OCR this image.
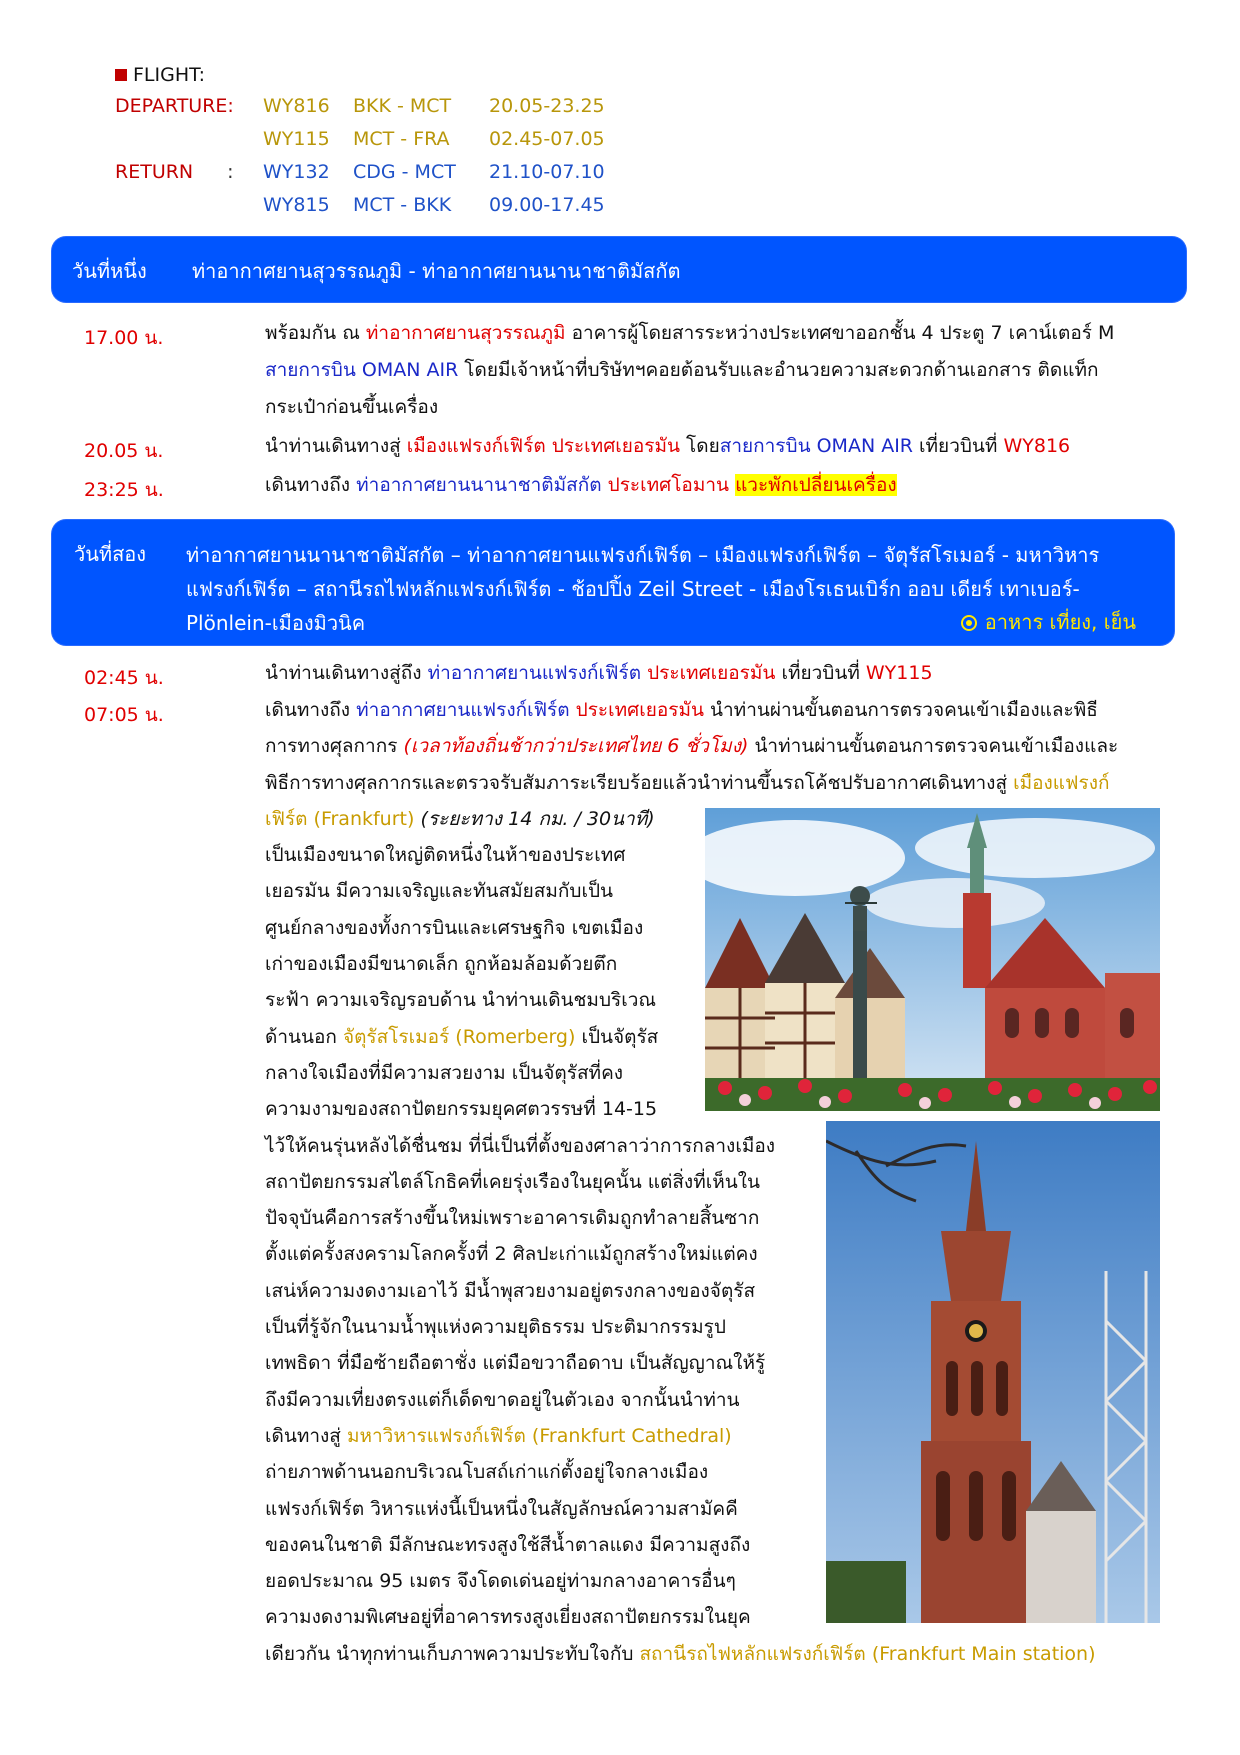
FLIGHT:
DEPARTURE: WY816 BKK - MCT 20.05-23.25
WY115 MCT - FRA 02.45-07.05
RETURN : WY132 CDG - MCT 21.10-07.10
WY815 MCT - BKK 09.00-17.45
วันที่หนึ่ง ท่าอากาศยานสุวรรณภูมิ - ท่าอากาศยานนานาชาติมัสกัต
17.00 น.	พร้อมกัน ณ ท่าอากาศยานสุวรรณภูมิ อาคารผู้โดยสารระหว่างประเทศขาออกชั้น 4 ประตู 7 เคาน์เตอร์ M
สายการบิน OMAN AIR โดยมีเจ้าหน้าที่บริษัทฯคอยต้อนรับและอำนวยความสะดวกด้านเอกสาร ติดแท็ก
กระเป๋าก่อนขึ้นเครื่อง
20.05 น.	นำท่านเดินทางสู่ เมืองแฟรงก์เฟิร์ต ประเทศเยอรมัน โดยสายการบิน OMAN AIR เที่ยวบินที่ WY816
23:25 น.	เดินทางถึง ท่าอากาศยานนานาชาติมัสกัต ประเทศโอมาน แวะพักเปลี่ยนเครื่อง
วันที่สอง ท่าอากาศยานนานาชาติมัสกัต – ท่าอากาศยานแฟรงก์เฟิร์ต – เมืองแฟรงก์เฟิร์ต – จัตุรัสโรเมอร์ - มหาวิหาร
แฟรงก์เฟิร์ต – สถานีรถไฟหลักแฟรงก์เฟิร์ต - ช้อปปิ้ง Zeil Street - เมืองโรเธนเบิร์ก ออบ เดียร์ เทาเบอร์-
Plönlein-เมืองมิวนิค	อาหาร เที่ยง, เย็น
02:45 น.	นำท่านเดินทางสู่ถึง ท่าอากาศยานแฟรงก์เฟิร์ต ประเทศเยอรมัน เที่ยวบินที่ WY115
07:05 น.	เดินทางถึง ท่าอากาศยานแฟรงก์เฟิร์ต ประเทศเยอรมัน นำท่านผ่านขั้นตอนการตรวจคนเข้าเมืองและพิธี
การทางศุลกากร (เวลาท้องถิ่นช้ากว่าประเทศไทย 6 ชั่วโมง) นำท่านผ่านขั้นตอนการตรวจคนเข้าเมืองและ
พิธีการทางศุลกากรและตรวจรับสัมภาระเรียบร้อยแล้วนำท่านขึ้นรถโค้ชปรับอากาศเดินทางสู่ เมืองแฟรงก์
เฟิร์ต (Frankfurt) (ระยะทาง 14 กม. / 30นาที)
เป็นเมืองขนาดใหญ่ติดหนึ่งในห้าของประเทศ
เยอรมัน มีความเจริญและทันสมัยสมกับเป็น
ศูนย์กลางของทั้งการบินและเศรษฐกิจ เขตเมือง
เก่าของเมืองมีขนาดเล็ก ถูกห้อมล้อมด้วยตึก
ระฟ้า ความเจริญรอบด้าน นำท่านเดินชมบริเวณ
ด้านนอก จัตุรัสโรเมอร์ (Romerberg) เป็นจัตุรัส
กลางใจเมืองที่มีความสวยงาม เป็นจัตุรัสที่คง
ความงามของสถาปัตยกรรมยุคศตวรรษที่ 14-15
ไว้ให้คนรุ่นหลังได้ชื่นชม ที่นี่เป็นที่ตั้งของศาลาว่าการกลางเมือง
สถาปัตยกรรมสไตล์โกธิคที่เคยรุ่งเรืองในยุคนั้น แต่สิ่งที่เห็นใน
ปัจจุบันคือการสร้างขึ้นใหม่เพราะอาคารเดิมถูกทำลายสิ้นซาก
ตั้งแต่ครั้งสงครามโลกครั้งที่ 2 ศิลปะเก่าแม้ถูกสร้างใหม่แต่คง
เสน่ห์ความงดงามเอาไว้ มีน้ำพุสวยงามอยู่ตรงกลางของจัตุรัส
เป็นที่รู้จักในนามน้ำพุแห่งความยุติธรรม ประติมากรรมรูป
เทพธิดา ที่มือซ้ายถือตาชั่ง แต่มือขวาถือดาบ เป็นสัญญาณให้รู้
ถึงมีความเที่ยงตรงแต่ก็เด็ดขาดอยู่ในตัวเอง จากนั้นนำท่าน
เดินทางสู่ มหาวิหารแฟรงก์เฟิร์ต (Frankfurt Cathedral)
ถ่ายภาพด้านนอกบริเวณโบสถ์เก่าแก่ตั้งอยู่ใจกลางเมือง
แฟรงก์เฟิร์ต วิหารแห่งนี้เป็นหนึ่งในสัญลักษณ์ความสามัคคี
ของคนในชาติ มีลักษณะทรงสูงใช้สีน้ำตาลแดง มีความสูงถึง
ยอดประมาณ 95 เมตร จึงโดดเด่นอยู่ท่ามกลางอาคารอื่นๆ
ความงดงามพิเศษอยู่ที่อาคารทรงสูงเยี่ยงสถาปัตยกรรมในยุค
เดียวกัน นำทุกท่านเก็บภาพความประทับใจกับ สถานีรถไฟหลักแฟรงก์เฟิร์ต (Frankfurt Main station)
